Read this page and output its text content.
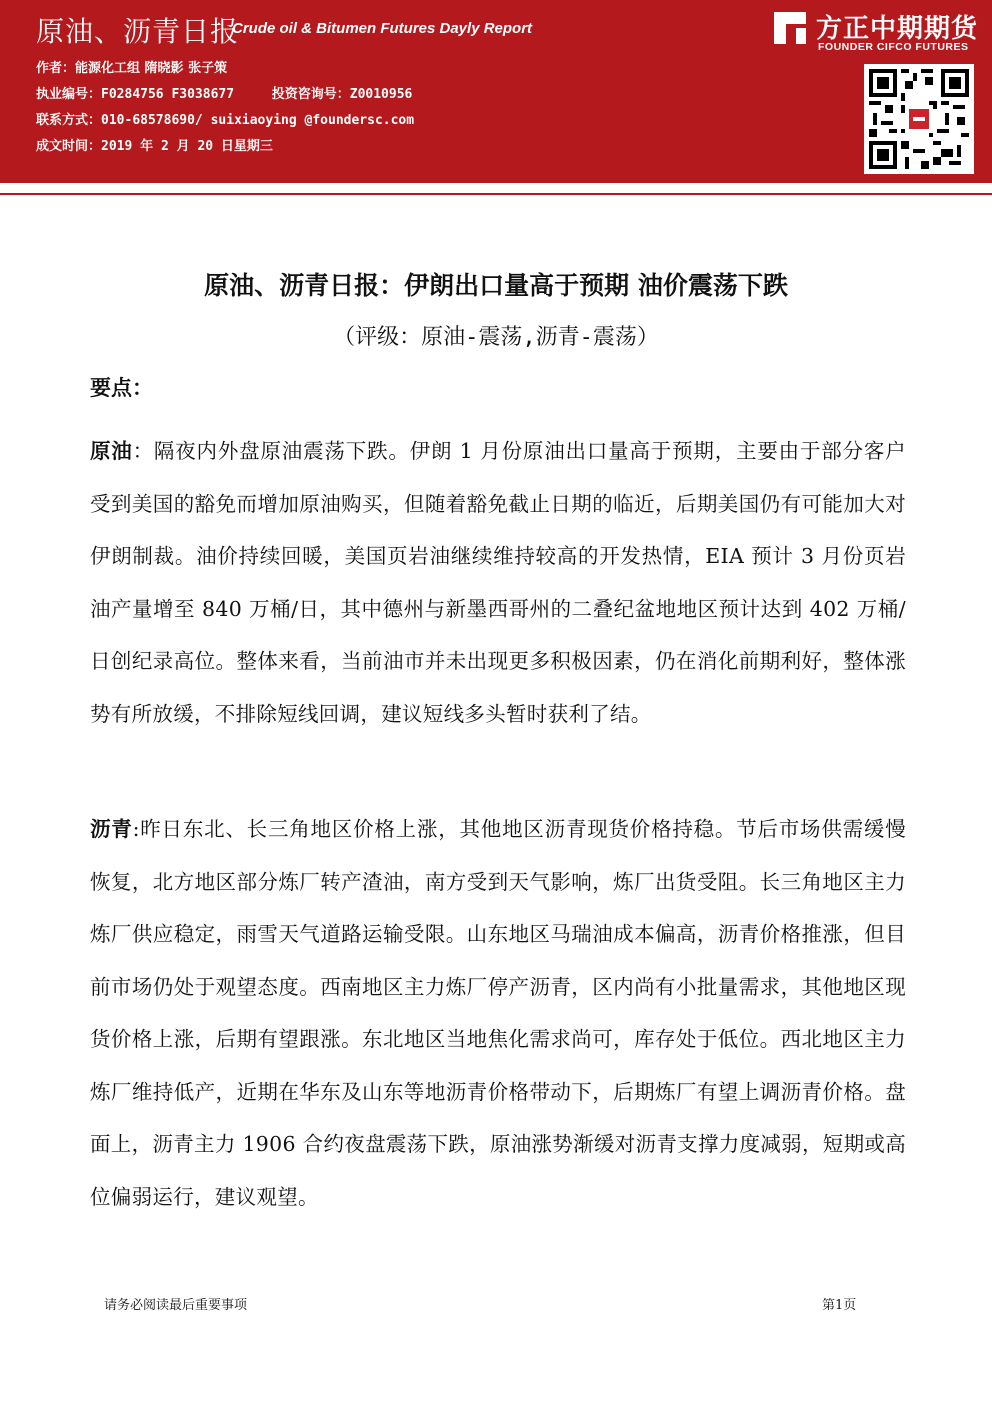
原油、沥青日报
Crude oil & Bitumen Futures Dayly Report
作者：能源化工组 隋晓影 张子策
执业编号：F0284756 F3038677	投资咨询号：Z0010956
联系方式：010-68578690/ suixiaoying @foundersc.com
成文时间：2019 年 2 月 20 日星期三
方正中期期货
FOUNDER CIFCO FUTURES
原油、沥青日报：伊朗出口量高于预期 油价震荡下跌
（评级：原油-震荡,沥青-震荡）
要点：
原油：隔夜内外盘原油震荡下跌。伊朗 1 月份原油出口量高于预期，主要由于部分客户受到美国的豁免而增加原油购买，但随着豁免截止日期的临近，后期美国仍有可能加大对伊朗制裁。油价持续回暖，美国页岩油继续维持较高的开发热情，EIA 预计 3 月份页岩油产量增至 840 万桶/日，其中德州与新墨西哥州的二叠纪盆地地区预计达到 402 万桶/日创纪录高位。整体来看，当前油市并未出现更多积极因素，仍在消化前期利好，整体涨势有所放缓，不排除短线回调，建议短线多头暂时获利了结。
沥青:昨日东北、长三角地区价格上涨，其他地区沥青现货价格持稳。节后市场供需缓慢恢复，北方地区部分炼厂转产渣油，南方受到天气影响，炼厂出货受阻。长三角地区主力炼厂供应稳定，雨雪天气道路运输受限。山东地区马瑞油成本偏高，沥青价格推涨，但目前市场仍处于观望态度。西南地区主力炼厂停产沥青，区内尚有小批量需求，其他地区现货价格上涨，后期有望跟涨。东北地区当地焦化需求尚可，库存处于低位。西北地区主力炼厂维持低产，近期在华东及山东等地沥青价格带动下，后期炼厂有望上调沥青价格。盘面上，沥青主力 1906 合约夜盘震荡下跌，原油涨势渐缓对沥青支撑力度减弱，短期或高位偏弱运行，建议观望。
请务必阅读最后重要事项	第1页
